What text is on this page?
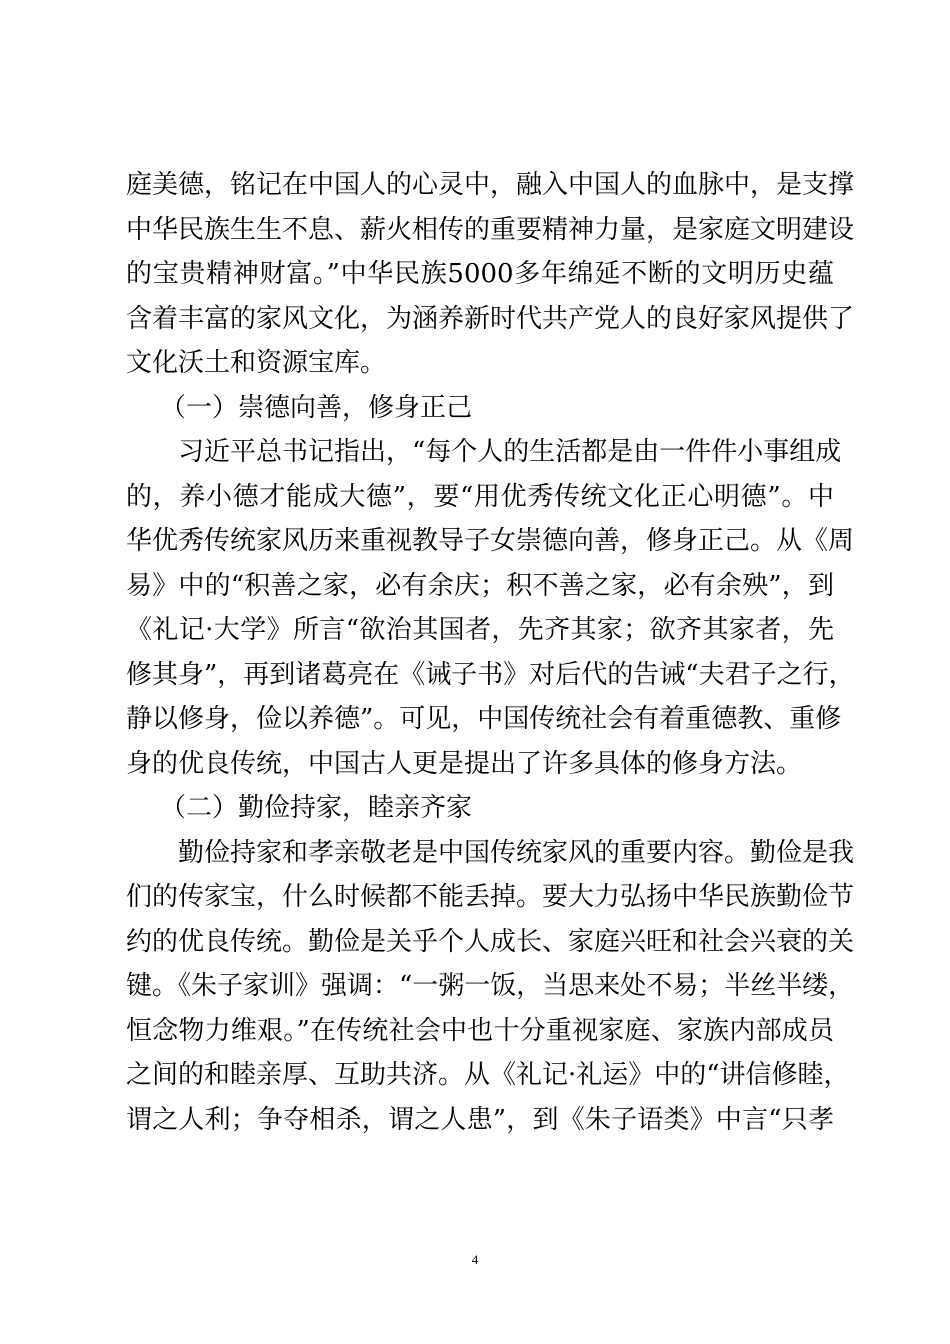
庭美德，铭记在中国人的心灵中，融入中国人的血脉中，是支撑
中华民族生生不息、薪火相传的重要精神力量，是家庭文明建设
的宝贵精神财富。”中华民族5000多年绵延不断的文明历史蕴
含着丰富的家风文化，为涵养新时代共产党人的良好家风提供了
文化沃土和资源宝库。
（一）崇德向善，修身正己
习近平总书记指出，“每个人的生活都是由一件件小事组成
的，养小德才能成大德”，要“用优秀传统文化正心明德”。中
华优秀传统家风历来重视教导子女崇德向善，修身正己。从《周
易》中的“积善之家，必有余庆；积不善之家，必有余殃”，到
《礼记·大学》所言“欲治其国者，先齐其家；欲齐其家者，先
修其身”，再到诸葛亮在《诫子书》对后代的告诫“夫君子之行，
静以修身，俭以养德”。可见，中国传统社会有着重德教、重修
身的优良传统，中国古人更是提出了许多具体的修身方法。
（二）勤俭持家，睦亲齐家
勤俭持家和孝亲敬老是中国传统家风的重要内容。勤俭是我
们的传家宝，什么时候都不能丢掉。要大力弘扬中华民族勤俭节
约的优良传统。勤俭是关乎个人成长、家庭兴旺和社会兴衰的关
键。《朱子家训》强调：“一粥一饭，当思来处不易；半丝半缕，
恒念物力维艰。”在传统社会中也十分重视家庭、家族内部成员
之间的和睦亲厚、互助共济。从《礼记·礼运》中的“讲信修睦，
谓之人利；争夺相杀，谓之人患”，到《朱子语类》中言“只孝
4
